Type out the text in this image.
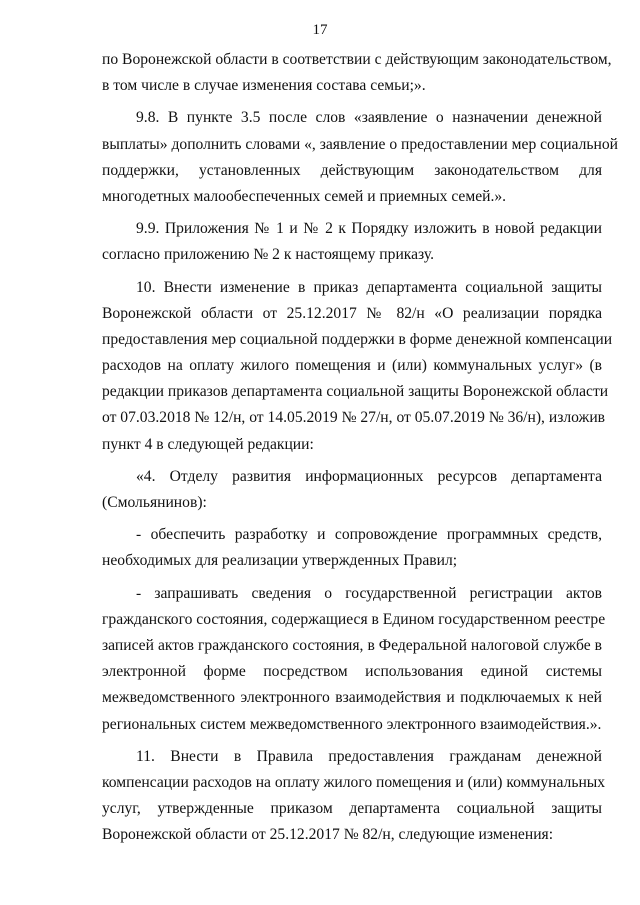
17
по Воронежской области в соответствии с действующим законодательством,
в том числе в случае изменения состава семьи;».
9.8. В пункте 3.5 после слов «заявление о назначении денежной
выплаты» дополнить словами «, заявление о предоставлении мер социальной
поддержки, установленных действующим законодательством для
многодетных малообеспеченных семей и приемных семей.».
9.9. Приложения № 1 и № 2 к Порядку изложить в новой редакции
согласно приложению № 2 к настоящему приказу.
10. Внести изменение в приказ департамента социальной защиты
Воронежской области от 25.12.2017 № 82/н «О реализации порядка
предоставления мер социальной поддержки в форме денежной компенсации
расходов на оплату жилого помещения и (или) коммунальных услуг» (в
редакции приказов департамента социальной защиты Воронежской области
от 07.03.2018 № 12/н, от 14.05.2019 № 27/н, от 05.07.2019 № 36/н), изложив
пункт 4 в следующей редакции:
«4. Отделу развития информационных ресурсов департамента
(Смольянинов):
- обеспечить разработку и сопровождение программных средств,
необходимых для реализации утвержденных Правил;
- запрашивать сведения о государственной регистрации актов
гражданского состояния, содержащиеся в Едином государственном реестре
записей актов гражданского состояния, в Федеральной налоговой службе в
электронной форме посредством использования единой системы
межведомственного электронного взаимодействия и подключаемых к ней
региональных систем межведомственного электронного взаимодействия.».
11. Внести в Правила предоставления гражданам денежной
компенсации расходов на оплату жилого помещения и (или) коммунальных
услуг, утвержденные приказом департамента социальной защиты
Воронежской области от 25.12.2017 № 82/н, следующие изменения:
